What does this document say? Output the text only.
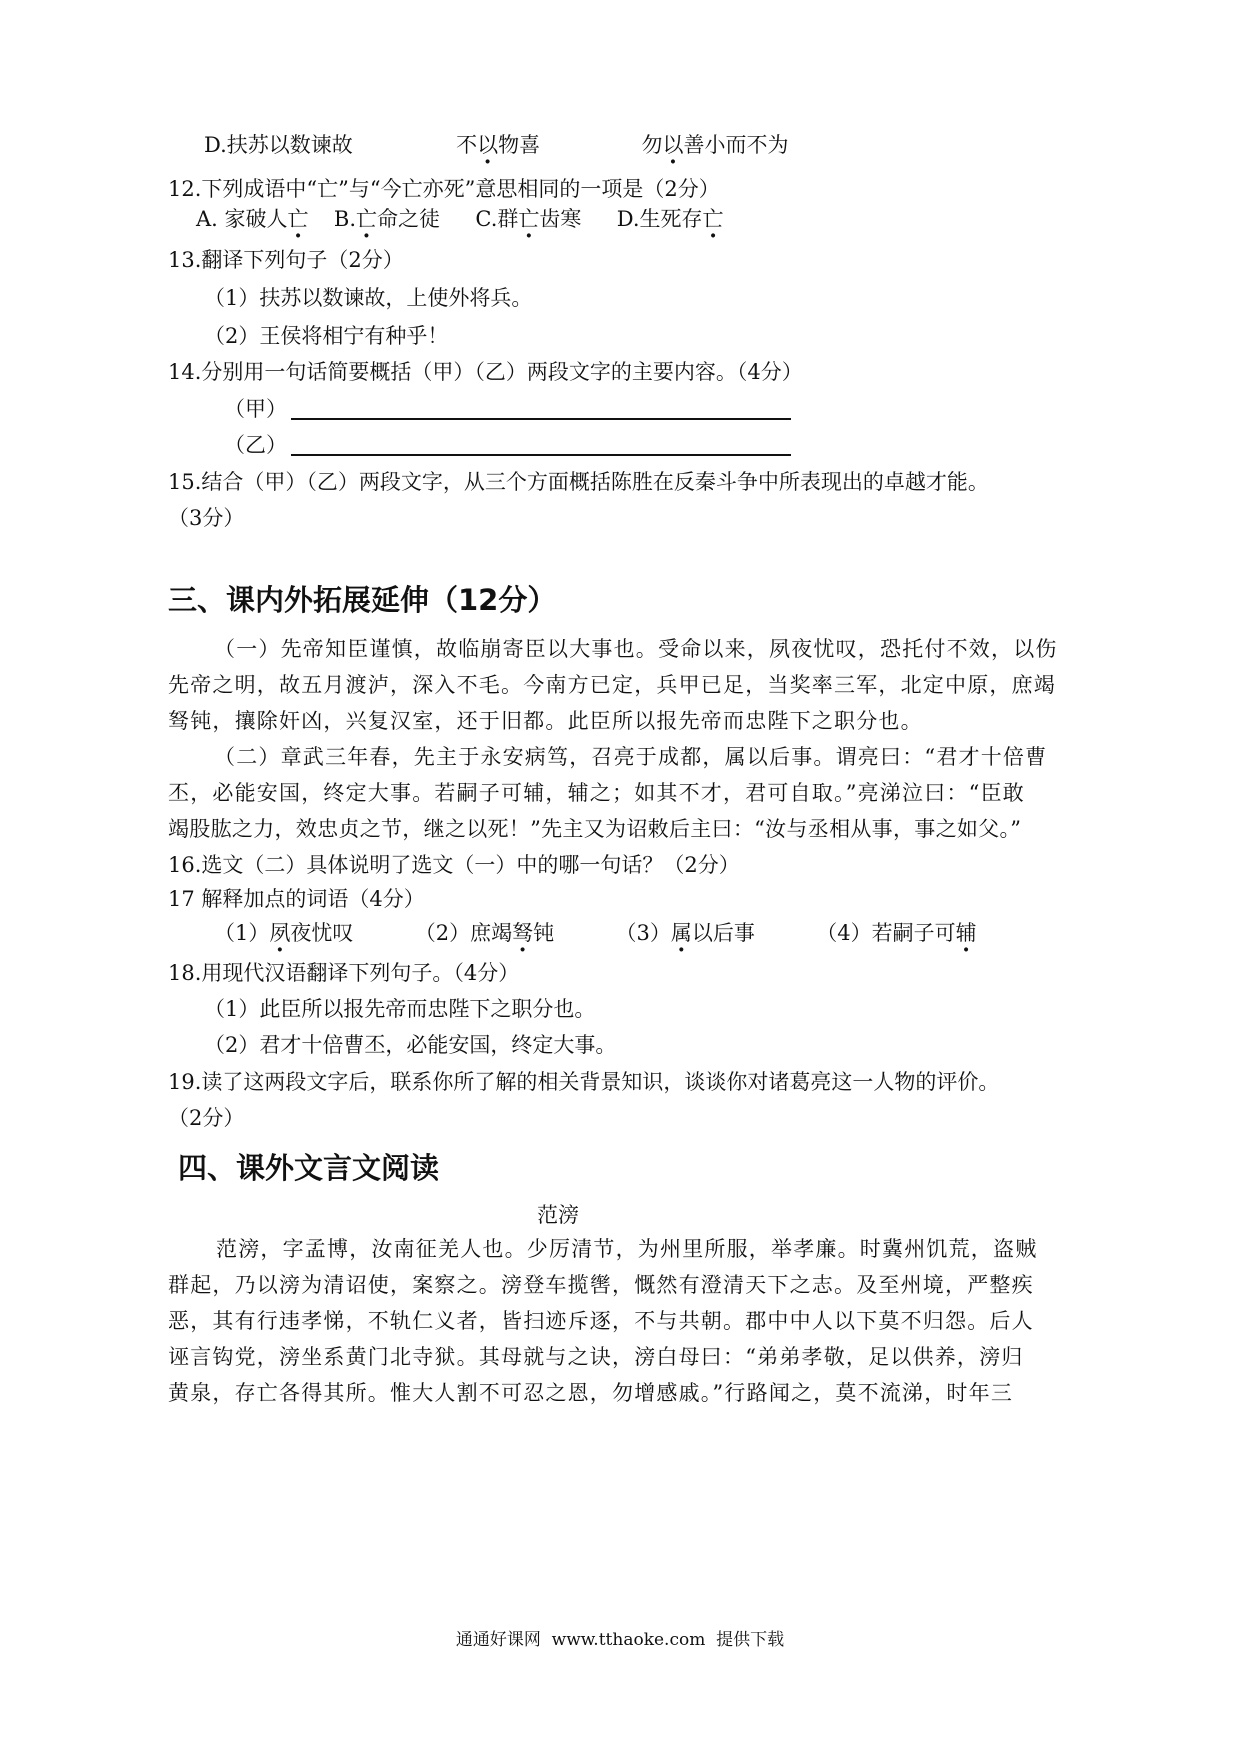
D.扶苏以数谏故	不以物喜	勿以善小而不为
12.下列成语中“亡”与“今亡亦死”意思相同的一项是（2分）
A. 家破人亡 B.亡命之徒 C.群亡齿寒 D.生死存亡
13.翻译下列句子（2分）
（1）扶苏以数谏故，上使外将兵。
（2）王侯将相宁有种乎！
14.分别用一句话简要概括（甲）（乙）两段文字的主要内容。（4分）
（甲）
（乙）
15.结合（甲）（乙）两段文字，从三个方面概括陈胜在反秦斗争中所表现出的卓越才能。
（3分）
三、课内外拓展延伸（12分）
（一）先帝知臣谨慎，故临崩寄臣以大事也。受命以来，夙夜忧叹，恐托付不效，以伤
先帝之明，故五月渡泸，深入不毛。今南方已定，兵甲已足，当奖率三军，北定中原，庶竭
驽钝，攘除奸凶，兴复汉室，还于旧都。此臣所以报先帝而忠陛下之职分也。
（二）章武三年春，先主于永安病笃，召亮于成都，属以后事。谓亮曰：“君才十倍曹
丕，必能安国，终定大事。若嗣子可辅，辅之；如其不才，君可自取。”亮涕泣曰：“臣敢
竭股肱之力，效忠贞之节，继之以死！”先主又为诏敕后主曰：“汝与丞相从事，事之如父。”
16.选文（二）具体说明了选文（一）中的哪一句话？（2分）
17 解释加点的词语（4分）
（1）夙夜忧叹	（2）庶竭驽钝	（3）属以后事	（4）若嗣子可辅
18.用现代汉语翻译下列句子。（4分）
（1）此臣所以报先帝而忠陛下之职分也。
（2）君才十倍曹丕，必能安国，终定大事。
19.读了这两段文字后，联系你所了解的相关背景知识，谈谈你对诸葛亮这一人物的评价。
（2分）
四、课外文言文阅读
范滂
范滂，字孟博，汝南征羌人也。少厉清节，为州里所服，举孝廉。时冀州饥荒，盗贼
群起，乃以滂为清诏使，案察之。滂登车揽辔，慨然有澄清天下之志。及至州境，严整疾
恶，其有行违孝悌，不轨仁义者，皆扫迹斥逐，不与共朝。郡中中人以下莫不归怨。后人
诬言钩党，滂坐系黄门北寺狱。其母就与之诀，滂白母曰：“弟弟孝敬，足以供养，滂归
黄泉，存亡各得其所。惟大人割不可忍之恩，勿增感戚。”行路闻之，莫不流涕，时年三
通通好课网  www.tthaoke.com  提供下载
